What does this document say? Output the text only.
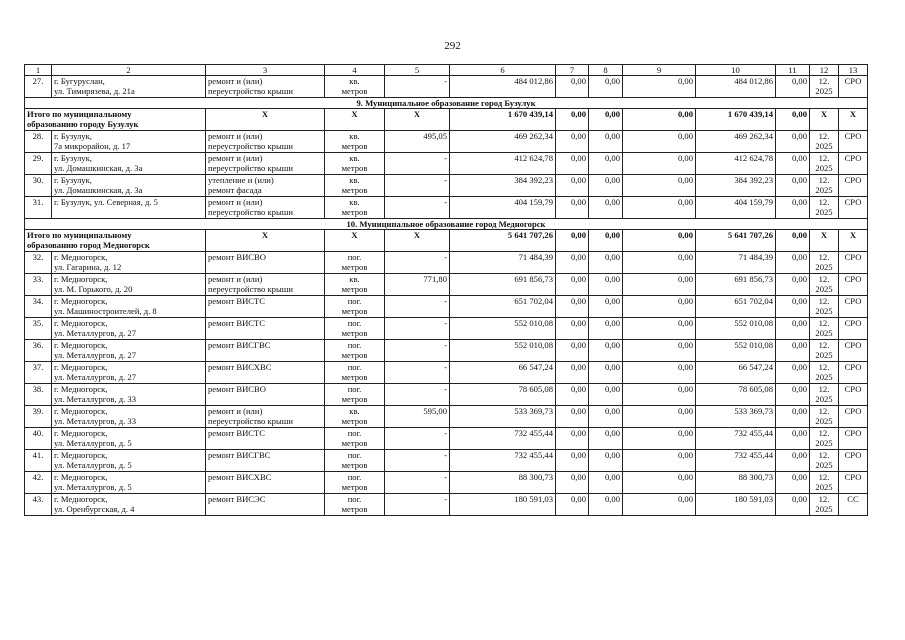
292
1	2	3	4	5	6	7	8	9	10	11	12	13
27.	г. Бугуруслан,
ул. Тимирязева, д. 21а	ремонт и (или)
переустройство крыши	кв.
метров	-	484 012,86	0,00	0,00	0,00	484 012,86	0,00	12.
2025	СРО
9. Муниципальное образование город Бузулук												

Итого по муниципальному
образованию городу Бузулук		Х	Х	Х	1 670 439,14	0,00	0,00	0,00	1 670 439,14	0,00	Х	Х
28.	г. Бузулук,
7а микрорайон, д. 17	ремонт и (или)
переустройство крыши	кв.
метров	495,05	469 262,34	0,00	0,00	0,00	469 262,34	0,00	12.
2025	СРО
29.	г. Бузулук,
ул. Домашкинская, д. 3а	ремонт и (или)
переустройство крыши	кв.
метров	-	412 624,78	0,00	0,00	0,00	412 624,78	0,00	12.
2025	СРО
30.	г. Бузулук,
ул. Домашкинская, д. 3а	утепление и (или)
ремонт фасада	кв.
метров	-	384 392,23	0,00	0,00	0,00	384 392,23	0,00	12.
2025	СРО
31.	г. Бузулук, ул. Северная, д. 5	ремонт и (или)
переустройство крыши	кв.
метров	-	404 159,79	0,00	0,00	0,00	404 159,79	0,00	12.
2025	СРО
10. Муниципальное образование город Медногорск												

Итого по муниципальному
образованию город Медногорск		Х	Х	Х	5 641 707,26	0,00	0,00	0,00	5 641 707,26	0,00	Х	Х
32.	г. Медногорск,
ул. Гагарина, д. 12	ремонт ВИСВО	пог.
метров	-	71 484,39	0,00	0,00	0,00	71 484,39	0,00	12.
2025	СРО
33.	г. Медногорск,
ул. М. Горького, д. 20	ремонт и (или)
переустройство крыши	кв.
метров	771,80	691 856,73	0,00	0,00	0,00	691 856,73	0,00	12.
2025	СРО
34.	г. Медногорск,
ул. Машиностроителей, д. 8	ремонт ВИСТС	пог.
метров	-	651 702,04	0,00	0,00	0,00	651 702,04	0,00	12.
2025	СРО
35.	г. Медногорск,
ул. Металлургов, д. 27	ремонт ВИСТС	пог.
метров	-	552 010,08	0,00	0,00	0,00	552 010,08	0,00	12.
2025	СРО
36.	г. Медногорск,
ул. Металлургов, д. 27	ремонт ВИСГВС	пог.
метров	-	552 010,08	0,00	0,00	0,00	552 010,08	0,00	12.
2025	СРО
37.	г. Медногорск,
ул. Металлургов, д. 27	ремонт ВИСХВС	пог.
метров	-	66 547,24	0,00	0,00	0,00	66 547,24	0,00	12.
2025	СРО
38.	г. Медногорск,
ул. Металлургов, д. 33	ремонт ВИСВО	пог.
метров	-	78 605,08	0,00	0,00	0,00	78 605,08	0,00	12.
2025	СРО
39.	г. Медногорск,
ул. Металлургов, д. 33	ремонт и (или)
переустройство крыши	кв.
метров	595,00	533 369,73	0,00	0,00	0,00	533 369,73	0,00	12.
2025	СРО
40.	г. Медногорск,
ул. Металлургов, д. 5	ремонт ВИСТС	пог.
метров	-	732 455,44	0,00	0,00	0,00	732 455,44	0,00	12.
2025	СРО
41.	г. Медногорск,
ул. Металлургов, д. 5	ремонт ВИСГВС	пог.
метров	-	732 455,44	0,00	0,00	0,00	732 455,44	0,00	12.
2025	СРО
42.	г. Медногорск,
ул. Металлургов, д. 5	ремонт ВИСХВС	пог.
метров	-	88 300,73	0,00	0,00	0,00	88 300,73	0,00	12.
2025	СРО
43.	г. Медногорск,
ул. Оренбургская, д. 4	ремонт ВИСЭС	пог.
метров	-	180 591,03	0,00	0,00	0,00	180 591,03	0,00	12.
2025	СС
